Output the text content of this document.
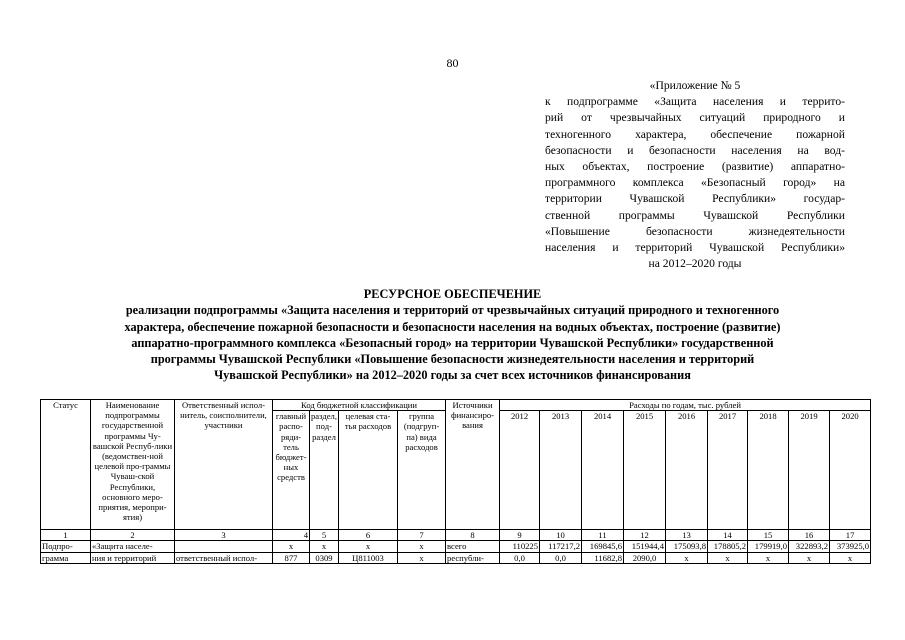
80
«Приложение № 5
к подпрограмме «Защита населения и террито-
рий от чрезвычайных ситуаций природного и
техногенного характера, обеспечение пожарной
безопасности и безопасности населения на вод-
ных объектах, построение (развитие) аппаратно-
программного комплекса «Безопасный город» на
территории Чувашской Республики» государ-
ственной программы Чувашской Республики
«Повышение безопасности жизнедеятельности
населения и территорий Чувашской Республики»
на 2012–2020 годы
РЕСУРСНОЕ ОБЕСПЕЧЕНИЕ
реализации подпрограммы «Защита населения и территорий от чрезвычайных ситуаций природного и техногенного
характера, обеспечение пожарной безопасности и безопасности населения на водных объектах, построение (развитие)
аппаратно-программного комплекса «Безопасный город» на территории Чувашской Республики» государственной
программы Чувашской Республики «Повышение безопасности жизнедеятельности населения и территорий
Чувашской Республики» на 2012–2020 годы за счет всех источников финансирования
Статус	Наименование подпрограммы государственной программы Чу-вашской Респуб-лики (ведомствен-ной целевой про-граммы Чуваш-ской Республики, основного меро-приятия, меропри-ятия)	Ответственный испол-нитель, соисполнители, участники	Код бюджетной классификации				Источники финансиро-вания	Расходы по годам, тыс. рублей								
			главный распо-ряди-тель бюджет-ных средств	раздел, под-раздел	целевая ста-тья расходов	группа (подгруп-па) вида расходов		2012	2013	2014	2015	2016	2017	2018	2019	2020

1	2	3	4	5	6	7	8	9	10	11	12	13	14	15	16	17
Подпро-	«Защита населе-		x	x	x	x	всего	110225	117217,2	169845,6	151944,4	175093,8	178805,2	179919,0	322893,2	373925,0
грамма	ния и территорий	ответственный испол-	877	0309	Ц811003	x	республи-	0,0	0,0	11682,8	2090,0	x	x	x	x	x
